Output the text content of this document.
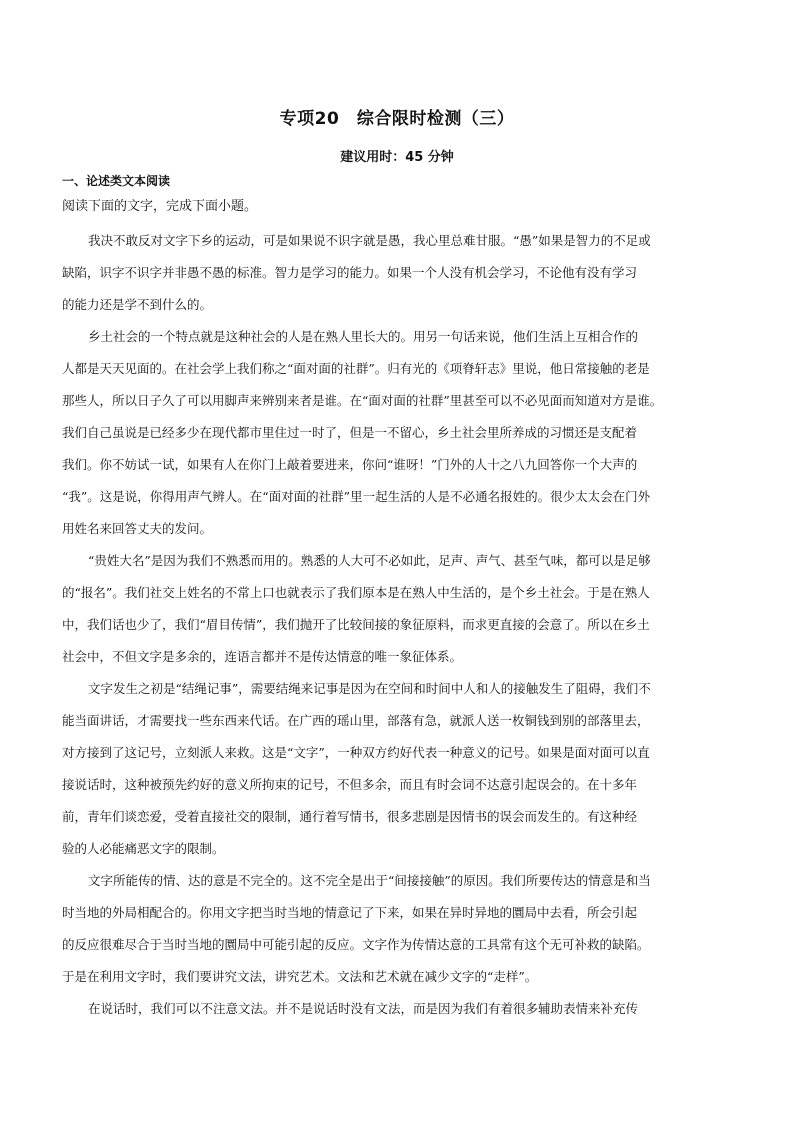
专项20　综合限时检测（三）
建议用时：45 分钟
一、论述类文本阅读
阅读下面的文字，完成下面小题。
我决不敢反对文字下乡的运动，可是如果说不识字就是愚，我心里总难甘服。“愚”如果是智力的不足或
缺陷，识字不识字并非愚不愚的标准。智力是学习的能力。如果一个人没有机会学习，不论他有没有学习
的能力还是学不到什么的。
乡土社会的一个特点就是这种社会的人是在熟人里长大的。用另一句话来说，他们生活上互相合作的
人都是天天见面的。在社会学上我们称之“面对面的社群”。归有光的《项脊轩志》里说，他日常接触的老是
那些人，所以日子久了可以用脚声来辨别来者是谁。在“面对面的社群”里甚至可以不必见面而知道对方是谁。
我们自己虽说是已经多少在现代都市里住过一时了，但是一不留心，乡土社会里所养成的习惯还是支配着
我们。你不妨试一试，如果有人在你门上敲着要进来，你问“谁呀！”门外的人十之八九回答你一个大声的
“我”。这是说，你得用声气辨人。在“面对面的社群”里一起生活的人是不必通名报姓的。很少太太会在门外
用姓名来回答丈夫的发问。
“贵姓大名”是因为我们不熟悉而用的。熟悉的人大可不必如此，足声、声气、甚至气味，都可以是足够
的“报名”。我们社交上姓名的不常上口也就表示了我们原本是在熟人中生活的，是个乡土社会。于是在熟人
中，我们话也少了，我们“眉目传情”，我们抛开了比较间接的象征原料，而求更直接的会意了。所以在乡土
社会中，不但文字是多余的，连语言都并不是传达情意的唯一象征体系。
文字发生之初是“结绳记事”，需要结绳来记事是因为在空间和时间中人和人的接触发生了阻碍，我们不
能当面讲话，才需要找一些东西来代话。在广西的瑶山里，部落有急，就派人送一枚铜钱到别的部落里去，
对方接到了这记号，立刻派人来救。这是“文字”，一种双方约好代表一种意义的记号。如果是面对面可以直
接说话时，这种被预先约好的意义所拘束的记号，不但多余，而且有时会词不达意引起误会的。在十多年
前，青年们谈恋爱，受着直接社交的限制，通行着写情书，很多悲剧是因情书的误会而发生的。有这种经
验的人必能痛恶文字的限制。
文字所能传的情、达的意是不完全的。这不完全是出于“间接接触”的原因。我们所要传达的情意是和当
时当地的外局相配合的。你用文字把当时当地的情意记了下来，如果在异时异地的圜局中去看，所会引起
的反应很难尽合于当时当地的圜局中可能引起的反应。文字作为传情达意的工具常有这个无可补救的缺陷。
于是在利用文字时，我们要讲究文法，讲究艺术。文法和艺术就在减少文字的“走样”。
在说话时，我们可以不注意文法。并不是说话时没有文法，而是因为我们有着很多辅助表情来补充传
